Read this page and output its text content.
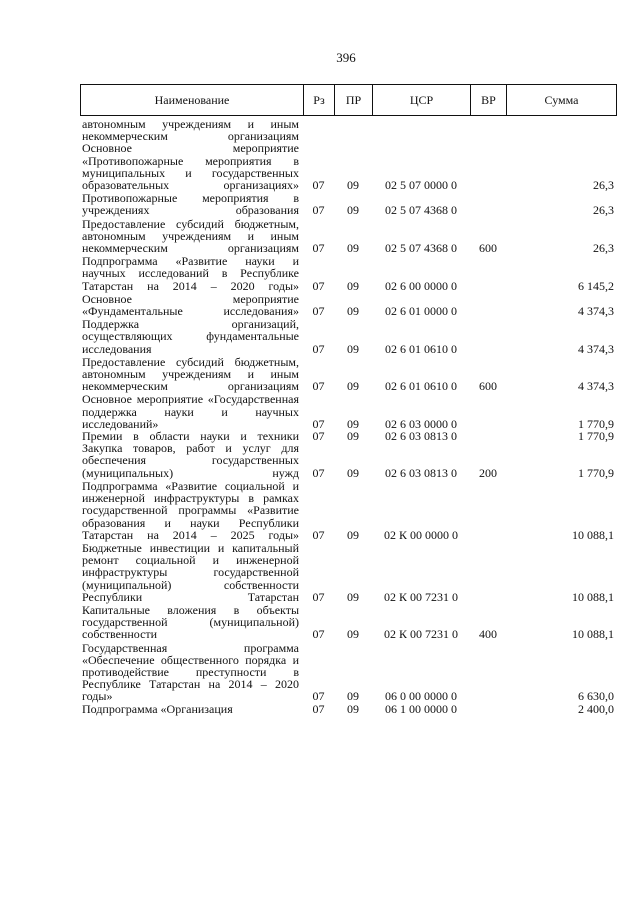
396
Наименование	Рз	ПР	ЦСР	ВР	Сумма
автономным учреждениям и иным некоммерческим организациям					
Основное мероприятие «Противопожарные мероприятия в муниципальных и государственных образовательных организациях»	07	09	02 5 07 0000 0		26,3
Противопожарные мероприятия в учреждениях образования	07	09	02 5 07 4368 0		26,3
Предоставление субсидий бюджетным, автономным учреждениям и иным некоммерческим организациям	07	09	02 5 07 4368 0	600	26,3
Подпрограмма «Развитие науки и научных исследований в Республике Татарстан на 2014 – 2020 годы»	07	09	02 6 00 0000 0		6 145,2
Основное мероприятие «Фундаментальные исследования»	07	09	02 6 01 0000 0		4 374,3
Поддержка организаций, осуществляющих фундаментальные исследования	07	09	02 6 01 0610 0		4 374,3
Предоставление субсидий бюджетным, автономным учреждениям и иным некоммерческим организациям	07	09	02 6 01 0610 0	600	4 374,3
Основное мероприятие «Государственная поддержка науки и научных исследований»	07	09	02 6 03 0000 0		1 770,9
Премии в области науки и техники	07	09	02 6 03 0813 0		1 770,9
Закупка товаров, работ и услуг для обеспечения государственных (муниципальных) нужд	07	09	02 6 03 0813 0	200	1 770,9
Подпрограмма «Развитие социальной и инженерной инфраструктуры в рамках государственной программы «Развитие образования и науки Республики Татарстан на 2014 – 2025 годы»	07	09	02 К 00 0000 0		10 088,1
Бюджетные инвестиции и капитальный ремонт социальной и инженерной инфраструктуры государственной (муниципальной) собственности Республики Татарстан	07	09	02 К 00 7231 0		10 088,1
Капитальные вложения в объекты государственной (муниципальной) собственности	07	09	02 К 00 7231 0	400	10 088,1
Государственная программа «Обеспечение общественного порядка и противодействие преступности в Республике Татарстан на 2014 – 2020 годы»	07	09	06 0 00 0000 0		6 630,0
Подпрограмма «Организация	07	09	06 1 00 0000 0		2 400,0
